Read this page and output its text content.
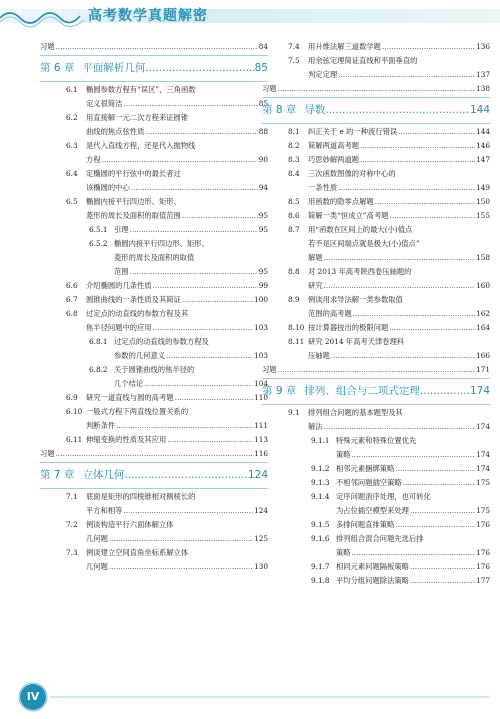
高考数学真题解密
习题 .....	84
第 6 章 平面解析几何 .....	85
6.1 椭圆参数方程有“误区”，三角函数
定义很简洁 .....	85
6.2 用直接解一元二次方程来证圆锥
曲线的焦点弦性质 .....	88
6.3 是代入直线方程，还是代入抛物线
方程 .....	90
6.4 定椭圆的平行弦中的最长者过
该椭圆的中心 .....	94
6.5 椭圆内接平行四边形、矩形、
菱形的周长及面积的取值范围 .....	95
6.5.1 引理 .....	95
6.5.2 椭圆内接平行四边形、矩形、
菱形的周长及面积的取值
范围 .....	95
6.6 介绍椭圆的几条性质 .....	99
6.7 圆锥曲线的一条性质及其简证 .....	100
6.8 过定点的动直线的参数方程及其
焦半径问题中的应用 .....	103
6.8.1 过定点的动直线的参数方程及
参数的几何意义 .....	103
6.8.2 关于圆锥曲线的焦半径的
几个结论 .....	104
6.9 研究一道直线与圆的高考题 .....	110
6.10 一般式方程下两直线位置关系的
判断条件 .....	111
6.11 伸缩变换的性质及其应用 .....	113
习题 .....	116
第 7 章 立体几何 .....	124
7.1 底面是矩形的四棱锥相对侧棱长的
平方和相等 .....	124
7.2 例谈构造平行六面体解立体
几何题 .....	125
7.3 例谈建立空间直角坐标系解立体
几何题 .....	130
7.4 用升维法解三道数学题 .....	136
7.5 用余弦定理简证直线和平面垂直的
判定定理 .....	137
习题 .....	138
第 8 章 导数 .....	144
8.1 纠正关于 e 的一种流行错误 .....	144
8.2 简解两道高考题 .....	146
8.3 巧思妙解两道题 .....	147
8.4 三次函数图像的对称中心的
一条性质 .....	149
8.5 用函数的隐零点解题 .....	150
8.6 简解一类“恒成立”高考题 .....	155
8.7 用“函数在区间上的最大(小)值点
若不是区间端点就是极大(小)值点”
解题 .....	158
8.8 对 2013 年高考陕西卷压轴题的
研究 .....	160
8.9 例谈用求导法解一类参数取值
范围的高考题 .....	162
8.10 按计算器按出的极限问题 .....	164
8.11 研究 2014 年高考天津卷理科
压轴题 .....	166
习题 .....	171
第 9 章 排列、组合与二项式定理 .....	174
9.1 排列组合问题的基本题型及其
解法 .....	174
9.1.1 特殊元素和特殊位置优先
策略 .....	174
9.1.2 相邻元素捆绑策略 .....	174
9.1.3 不相邻问题插空策略 .....	175
9.1.4 定序问题消序处理，也可转化
为占位插空模型来处理 .....	175
9.1.5 多排问题直排策略 .....	176
9.1.6 排列组合混合问题先选后排
策略 .....	176
9.1.7 相同元素问题隔板策略 .....	176
9.1.8 平均分组问题除法策略 .....	177
IV
